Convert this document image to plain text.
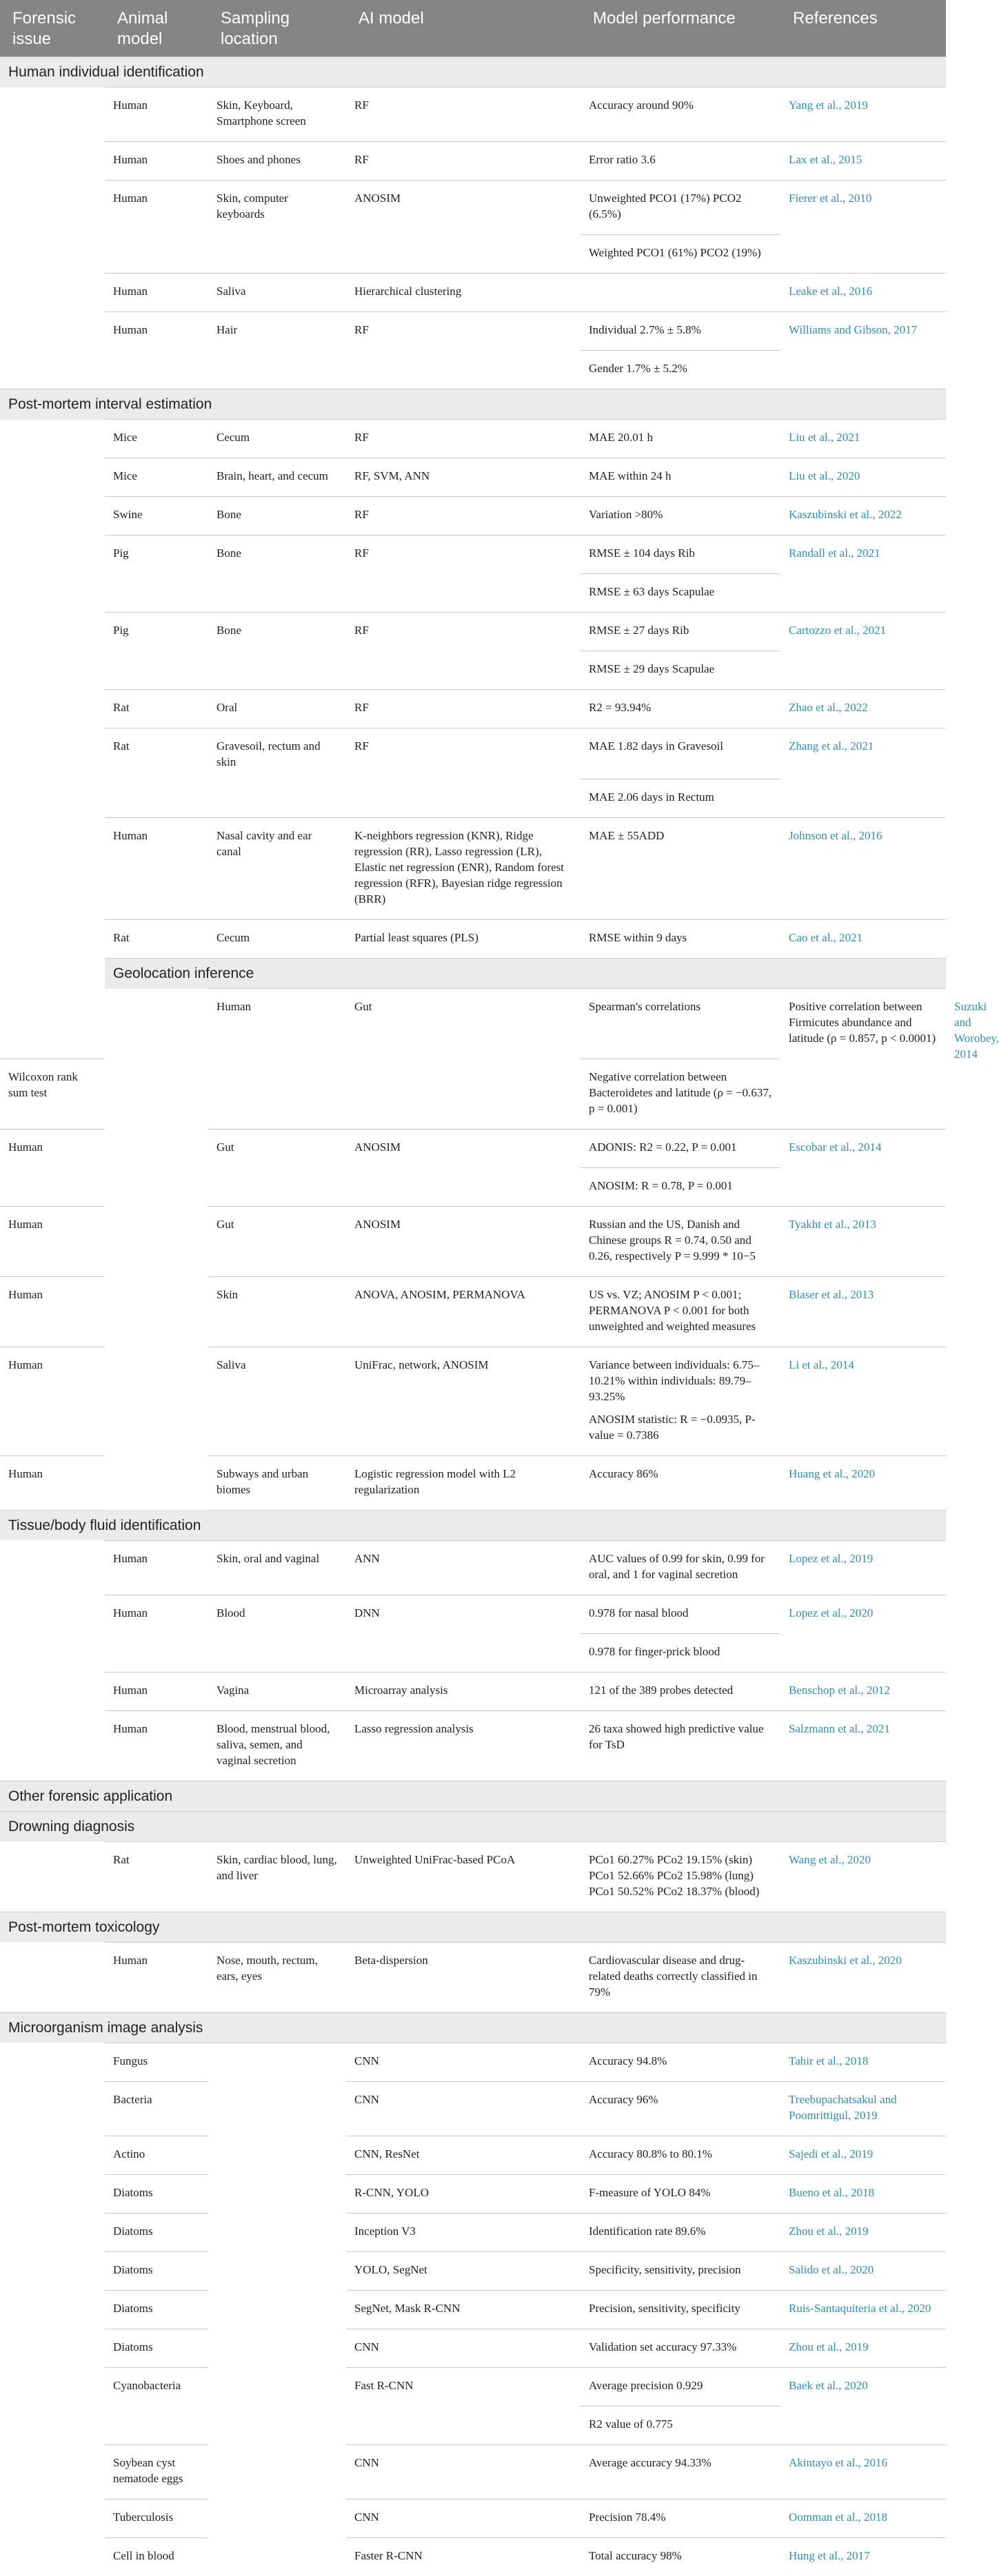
Forensic issue	Animal model	Sampling location	AI model	Model performance	References	
Human individual identification						
	Human	Skin, Keyboard, Smartphone screen	RF	Accuracy around 90%	Yang et al., 2019	
	Human	Shoes and phones	RF	Error ratio 3.6	Lax et al., 2015	
	Human	Skin, computer keyboards	ANOSIM	Unweighted PCO1 (17%) PCO2 (6.5%)	Fierer et al., 2010	
				Weighted PCO1 (61%) PCO2 (19%)		
	Human	Saliva	Hierarchical clustering		Leake et al., 2016	
	Human	Hair	RF	Individual 2.7% ± 5.8%	Williams and Gibson, 2017	
				Gender 1.7% ± 5.2%		
Post-mortem interval estimation						
	Mice	Cecum	RF	MAE 20.01 h	Liu et al., 2021	
	Mice	Brain, heart, and cecum	RF, SVM, ANN	MAE within 24 h	Liu et al., 2020	
	Swine	Bone	RF	Variation >80%	Kaszubinski et al., 2022	
	Pig	Bone	RF	RMSE ± 104 days Rib	Randall et al., 2021	
				RMSE ± 63 days Scapulae		
	Pig	Bone	RF	RMSE ± 27 days Rib	Cartozzo et al., 2021	
				RMSE ± 29 days Scapulae		
	Rat	Oral	RF	R2 = 93.94%	Zhao et al., 2022	
	Rat	Gravesoil, rectum and skin	RF	MAE 1.82 days in Gravesoil	Zhang et al., 2021	
				MAE 2.06 days in Rectum		
	Human	Nasal cavity and ear canal	K-neighbors regression (KNR), Ridge regression (RR), Lasso regression (LR), Elastic net regression (ENR), Random forest regression (RFR), Bayesian ridge regression (BRR)	MAE ± 55ADD	Johnson et al., 2016	
	Rat	Cecum	Partial least squares (PLS)	RMSE within 9 days	Cao et al., 2021	
	Geolocation inference					
		Human	Gut	Spearman's correlations	Positive correlation between Firmicutes abundance and latitude (ρ = 0.857, p < 0.0001)	Suzuki and Worobey, 2014
Wilcoxon rank sum test				Negative correlation between Bacteroidetes and latitude (ρ = −0.637, p = 0.001)		
Human		Gut	ANOSIM	ADONIS: R2 = 0.22, P = 0.001	Escobar et al., 2014	
				ANOSIM: R = 0.78, P = 0.001		
Human		Gut	ANOSIM	Russian and the US, Danish and Chinese groups R = 0.74, 0.50 and 0.26, respectively P = 9.999 * 10−5	Tyakht et al., 2013	
Human		Skin	ANOVA, ANOSIM, PERMANOVA	US vs. VZ; ANOSIM P < 0.001; PERMANOVA P < 0.001 for both unweighted and weighted measures	Blaser et al., 2013	
Human		Saliva	UniFrac, network, ANOSIM	Variance between individuals: 6.75–10.21% within individuals: 89.79–93.25%	Li et al., 2014	
				ANOSIM statistic: R = −0.0935, P-value = 0.7386		
Human		Subways and urban biomes	Logistic regression model with L2 regularization	Accuracy 86%	Huang et al., 2020	
Tissue/body fluid identification						
	Human	Skin, oral and vaginal	ANN	AUC values of 0.99 for skin, 0.99 for oral, and 1 for vaginal secretion	Lopez et al., 2019	
	Human	Blood	DNN	0.978 for nasal blood	Lopez et al., 2020	
				0.978 for finger-prick blood		
	Human	Vagina	Microarray analysis	121 of the 389 probes detected	Benschop et al., 2012	
	Human	Blood, menstrual blood, saliva, semen, and vaginal secretion	Lasso regression analysis	26 taxa showed high predictive value for TsD	Salzmann et al., 2021	
Other forensic application						
Drowning diagnosis						
	Rat	Skin, cardiac blood, lung, and liver	Unweighted UniFrac-based PCoA	PCo1 60.27% PCo2 19.15% (skin) PCo1 52.66% PCo2 15.98% (lung) PCo1 50.52% PCo2 18.37% (blood)	Wang et al., 2020	
Post-mortem toxicology						
	Human	Nose, mouth, rectum, ears, eyes	Beta-dispersion	Cardiovascular disease and drug-related deaths correctly classified in 79%	Kaszubinski et al., 2020	
Microorganism image analysis						
	Fungus		CNN	Accuracy 94.8%	Tahir et al., 2018	
	Bacteria		CNN	Accuracy 96%	Treebupachatsakul and Poomrittigul, 2019	
	Actino		CNN, ResNet	Accuracy 80.8% to 80.1%	Sajedi et al., 2019	
	Diatoms		R-CNN, YOLO	F-measure of YOLO 84%	Bueno et al., 2018	
	Diatoms		Inception V3	Identification rate 89.6%	Zhou et al., 2019	
	Diatoms		YOLO, SegNet	Specificity, sensitivity, precision	Salido et al., 2020	
	Diatoms		SegNet, Mask R-CNN	Precision, sensitivity, specificity	Ruis-Santaquiteria et al., 2020	
	Diatoms		CNN	Validation set accuracy 97.33%	Zhou et al., 2019	
	Cyanobacteria		Fast R-CNN	Average precision 0.929	Baek et al., 2020	
				R2 value of 0.775		
	Soybean cyst nematode eggs		CNN	Average accuracy 94.33%	Akintayo et al., 2016	
	Tuberculosis		CNN	Precision 78.4%	Oomman et al., 2018	
	Cell in blood		Faster R-CNN	Total accuracy 98%	Hung et al., 2017	
